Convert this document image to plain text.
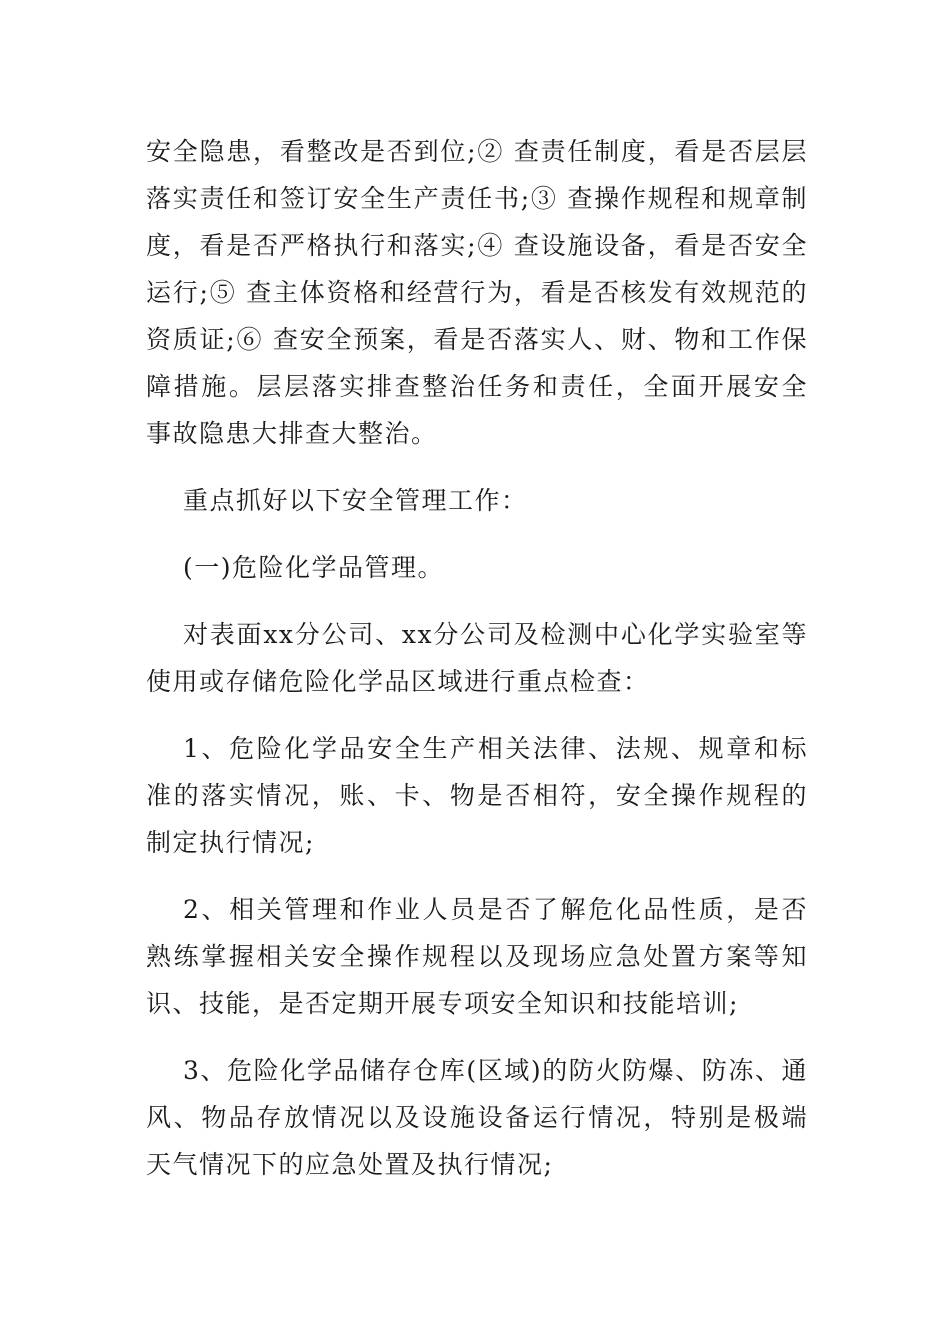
安全隐患，看整改是否到位;② 查责任制度，看是否层层落实责任和签订安全生产责任书;③ 查操作规程和规章制度，看是否严格执行和落实;④ 查设施设备，看是否安全运行;⑤ 查主体资格和经营行为，看是否核发有效规范的资质证;⑥ 查安全预案，看是否落实人、财、物和工作保障措施。层层落实排查整治任务和责任，全面开展安全事故隐患大排查大整治。

重点抓好以下安全管理工作：

(一)危险化学品管理。

对表面xx分公司、xx分公司及检测中心化学实验室等使用或存储危险化学品区域进行重点检查：

1、危险化学品安全生产相关法律、法规、规章和标准的落实情况，账、卡、物是否相符，安全操作规程的制定执行情况;

2、相关管理和作业人员是否了解危化品性质，是否熟练掌握相关安全操作规程以及现场应急处置方案等知识、技能，是否定期开展专项安全知识和技能培训;

3、危险化学品储存仓库(区域)的防火防爆、防冻、通风、物品存放情况以及设施设备运行情况，特别是极端天气情况下的应急处置及执行情况;
